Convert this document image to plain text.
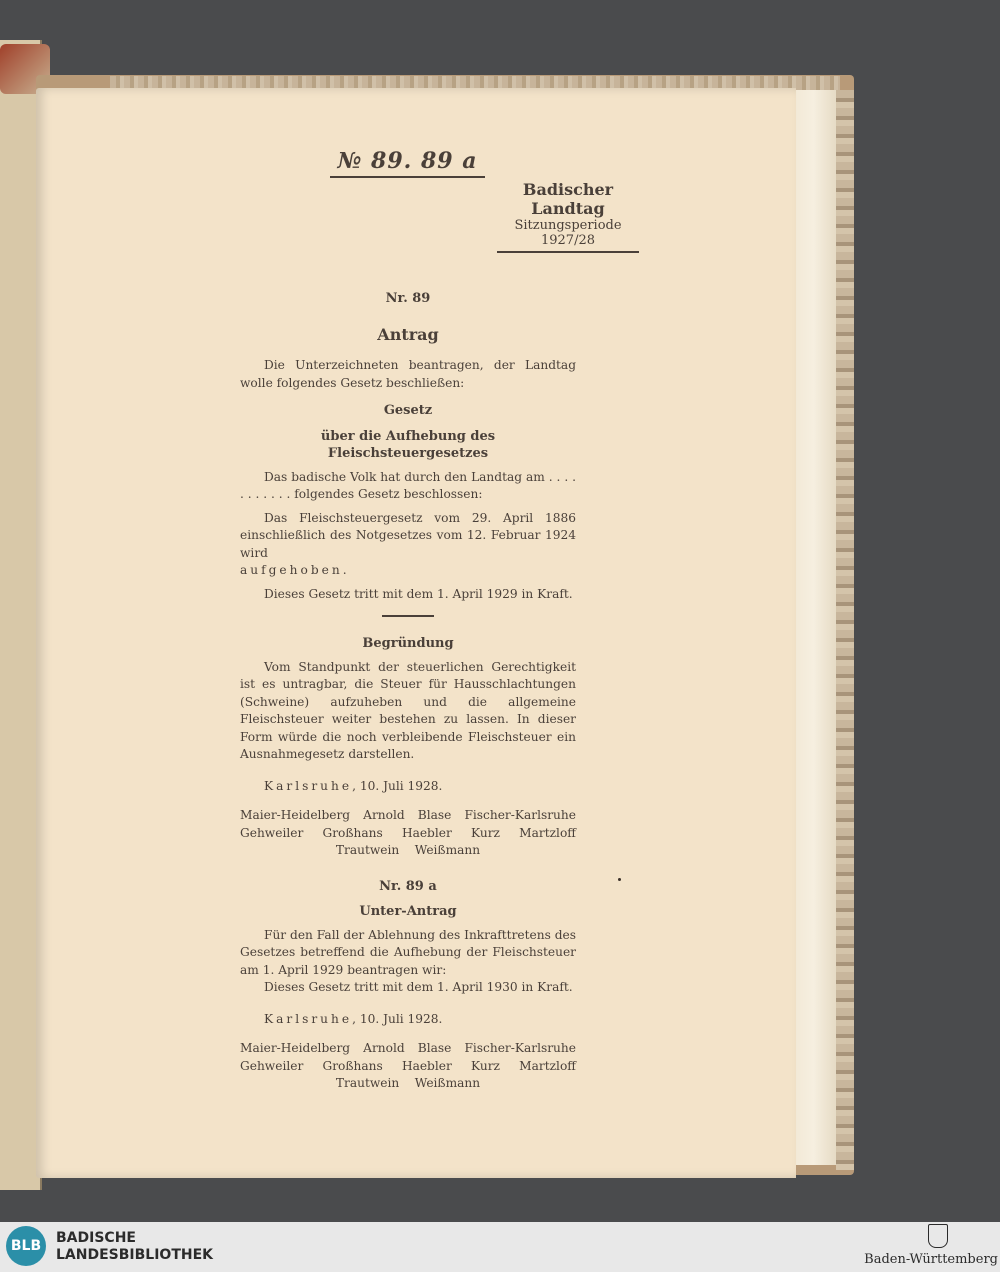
№ 89. 89 a
Badischer Landtag
Sitzungsperiode
1927/28
Nr. 89
Antrag

Die Unterzeichneten beantragen, der Landtag wolle folgendes Gesetz beschließen:

Gesetz
über die Aufhebung des Fleischsteuergesetzes

Das badische Volk hat durch den Landtag am . . . . . . . . . . . folgendes Gesetz beschlossen:

Das Fleischsteuergesetz vom 29. April 1886 einschließlich des Notgesetzes vom 12. Februar 1924 wird

aufgehoben.

Dieses Gesetz tritt mit dem 1. April 1929 in Kraft.

Begründung

Vom Standpunkt der steuerlichen Gerechtigkeit ist es untragbar, die Steuer für Hausschlachtungen (Schweine) aufzuheben und die allgemeine Fleischsteuer weiter bestehen zu lassen. In dieser Form würde die noch verbleibende Fleischsteuer ein Ausnahmegesetz darstellen.

Karlsruhe, 10. Juli 1928.

Maier-Heidelberg Arnold Blase Fischer-Karlsruhe
Gehweiler Großhans Haebler Kurz Martzloff
Trautwein Weißmann
Nr. 89 a
Unter-Antrag

Für den Fall der Ablehnung des Inkrafttretens des Gesetzes betreffend die Aufhebung der Fleischsteuer am 1. April 1929 beantragen wir:

Dieses Gesetz tritt mit dem 1. April 1930 in Kraft.

Karlsruhe, 10. Juli 1928.

Maier-Heidelberg Arnold Blase Fischer-Karlsruhe
Gehweiler Großhans Haebler Kurz Martzloff
Trautwein Weißmann
BLB	BADISCHE
LANDESBIBLIOTHEK	Baden-Württemberg
